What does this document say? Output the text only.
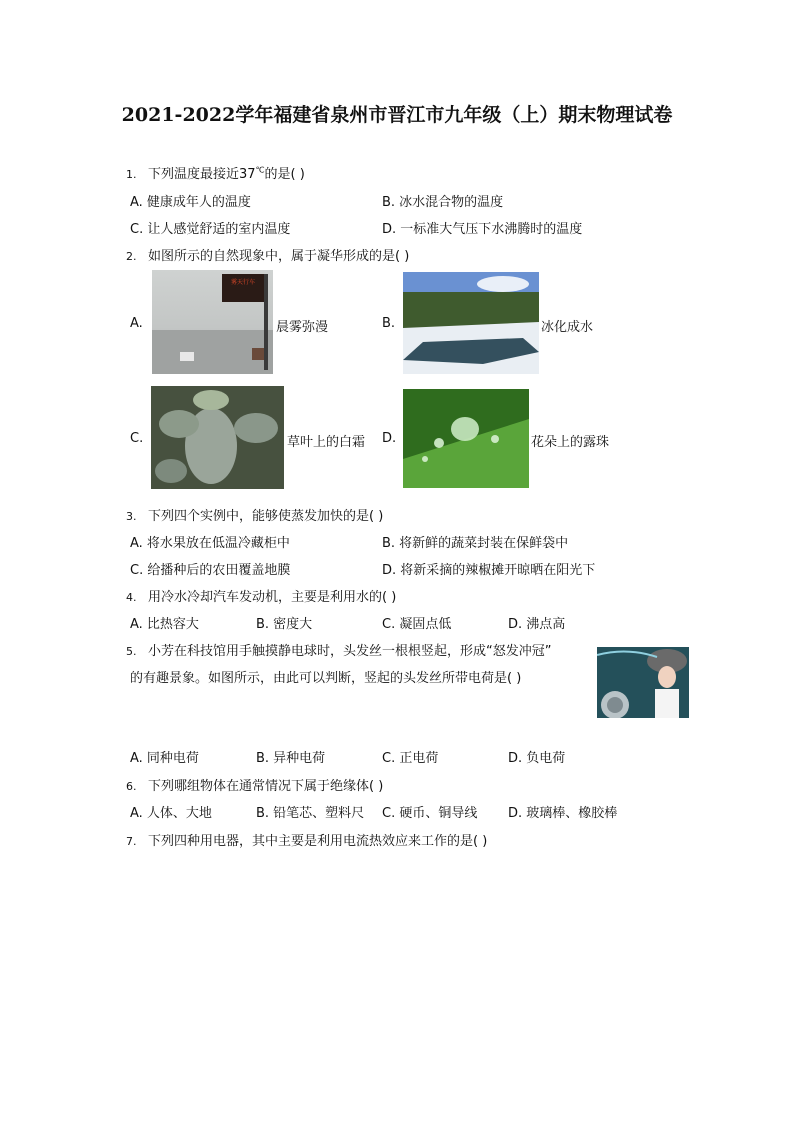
2021-2022学年福建省泉州市晋江市九年级（上）期末物理试卷
1. 下列温度最接近37℃的是( )
A. 健康成年人的温度	B. 冰水混合物的温度
C. 让人感觉舒适的室内温度	D. 一标准大气压下水沸腾时的温度
2. 如图所示的自然现象中，属于凝华形成的是( )
A.
雾天行车
晨雾弥漫	B.	冰化成水
C.	草叶上的白霜 D.	花朵上的露珠
3. 下列四个实例中，能够使蒸发加快的是( )
A. 将水果放在低温冷藏柜中	B. 将新鲜的蔬菜封装在保鲜袋中
C. 给播种后的农田覆盖地膜	D. 将新采摘的辣椒摊开晾晒在阳光下
4. 用冷水冷却汽车发动机，主要是利用水的( )
A. 比热容大	B. 密度大	C. 凝固点低	D. 沸点高
5. 小芳在科技馆用手触摸静电球时，头发丝一根根竖起，形成“怒发冲冠”
的有趣景象。如图所示，由此可以判断，竖起的头发丝所带电荷是( )
A. 同种电荷	B. 异种电荷	C. 正电荷	D. 负电荷
6. 下列哪组物体在通常情况下属于绝缘体( )
A. 人体、大地	B. 铅笔芯、塑料尺 C. 硬币、铜导线 D. 玻璃棒、橡胶棒
7. 下列四种用电器，其中主要是利用电流热效应来工作的是( )
